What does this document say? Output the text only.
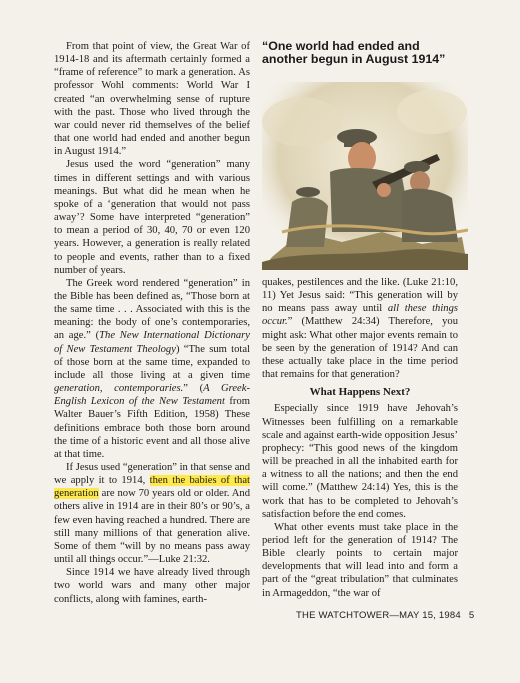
From that point of view, the Great War of 1914-18 and its aftermath certainly formed a “frame of reference” to mark a generation. As professor Wohl comments: World War I created “an overwhelming sense of rupture with the past. Those who lived through the war could never rid themselves of the belief that one world had ended and another begun in August 1914.”

Jesus used the word “generation” many times in different settings and with various meanings. But what did he mean when he spoke of a ‘generation that would not pass away’? Some have interpreted “generation” to mean a period of 30, 40, 70 or even 120 years. However, a generation is really related to people and events, rather than to a fixed number of years.

The Greek word rendered “generation” in the Bible has been defined as, “Those born at the same time . . . Associated with this is the meaning: the body of one’s contemporaries, an age.” (The New International Dictionary of New Testament Theology) “The sum total of those born at the same time, expanded to include all those living at a given time generation, contemporaries.” (A Greek-English Lexicon of the New Testament from Walter Bauer’s Fifth Edition, 1958) These definitions embrace both those born around the time of a historic event and all those alive at that time.

If Jesus used “generation” in that sense and we apply it to 1914, then the babies of that generation are now 70 years old or older. And others alive in 1914 are in their 80’s or 90’s, a few even having reached a hundred. There are still many millions of that generation alive. Some of them “will by no means pass away until all things occur.”—Luke 21:32.

Since 1914 we have already lived through two world wars and many other major conflicts, along with famines, earth-

“One world had ended and another begun in August 1914”

quakes, pestilences and the like. (Luke 21:10, 11) Yet Jesus said: “This generation will by no means pass away until all these things occur.” (Matthew 24:34) Therefore, you might ask: What other major events remain to be seen by the generation of 1914? And can these actually take place in the time period that remains for that generation?

What Happens Next?

Especially since 1919 have Jehovah’s Witnesses been fulfilling on a remarkable scale and against earth-wide opposition Jesus’ prophecy: “This good news of the kingdom will be preached in all the inhabited earth for a witness to all the nations; and then the end will come.” (Matthew 24:14) Yes, this is the work that has to be completed to Jehovah’s satisfaction before the end comes.

What other events must take place in the period left for the generation of 1914? The Bible clearly points to certain major developments that will lead into and form a part of the “great tribulation” that culminates in Armageddon, “the war of

THE WATCHTOWER—MAY 15, 1984 5
